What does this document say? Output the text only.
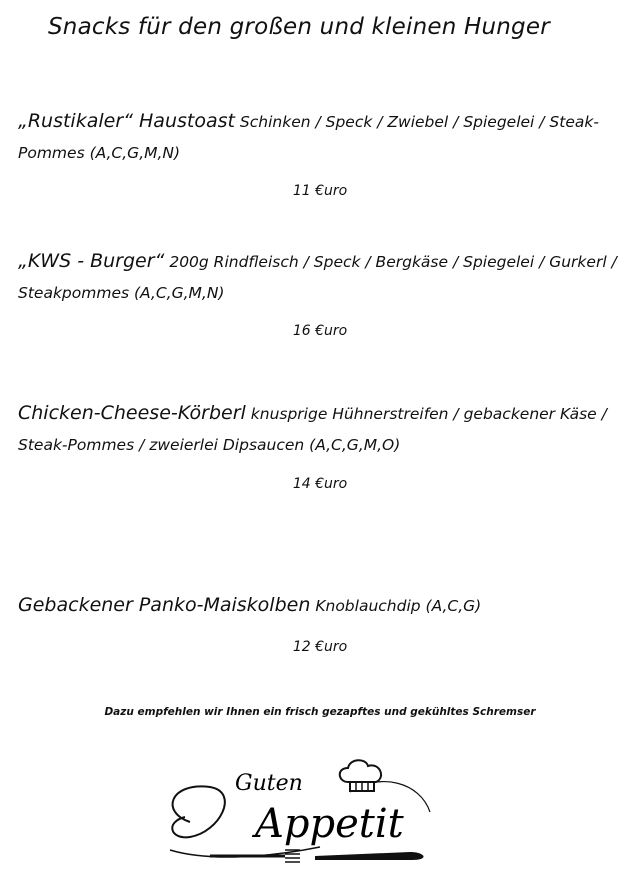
Snacks für den großen und kleinen Hunger

„Rustikaler“ Haustoast Schinken / Speck / Zwiebel / Spiegelei / Steak- Pommes (A,C,G,M,N)

11 €uro

„KWS - Burger“ 200g Rindfleisch / Speck / Bergkäse / Spiegelei / Gurkerl / Steakpommes (A,C,G,M,N)

16 €uro

Chicken-Cheese-Körberl knusprige Hühnerstreifen / gebackener Käse / Steak-Pommes / zweierlei Dipsaucen (A,C,G,M,O)

14 €uro

Gebackener Panko-Maiskolben Knoblauchdip (A,C,G)

12 €uro
Dazu empfehlen wir Ihnen ein frisch gezapftes und gekühltes Schremser
Guten
Appetit
